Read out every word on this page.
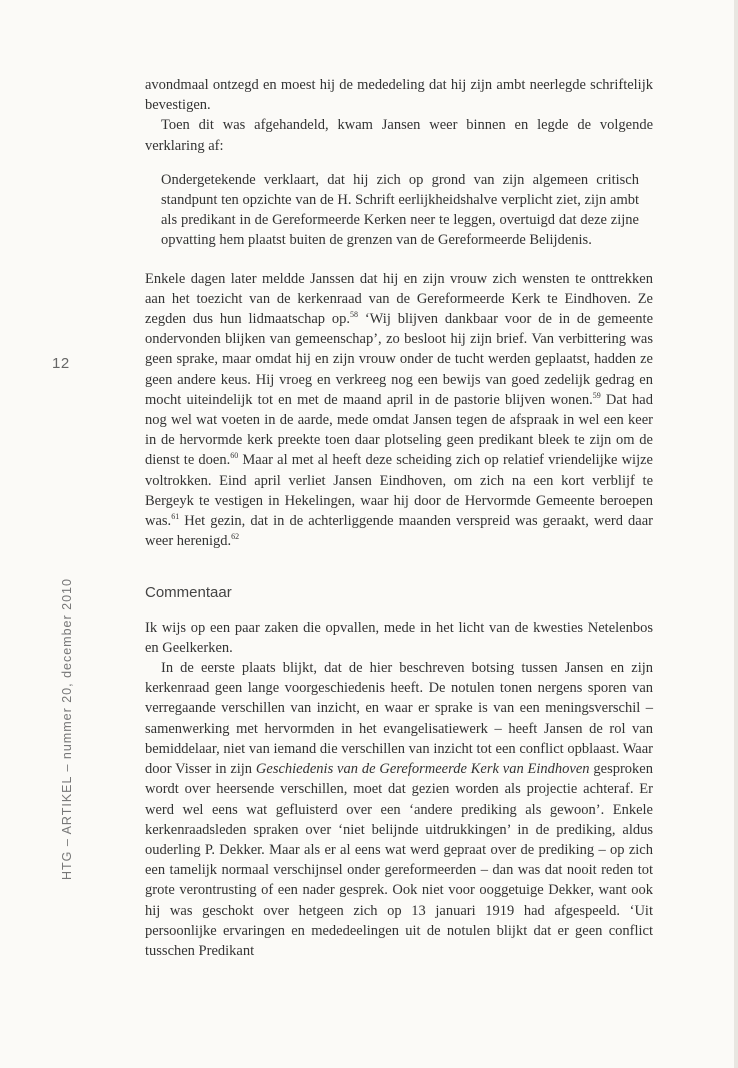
12
HTG – ARTIKEL – nummer 20, december 2010

avondmaal ontzegd en moest hij de mededeling dat hij zijn ambt neerlegde schriftelijk bevestigen.

Toen dit was afgehandeld, kwam Jansen weer binnen en legde de volgende verklaring af:

Ondergetekende verklaart, dat hij zich op grond van zijn algemeen critisch standpunt ten opzichte van de H. Schrift eerlijkheidshalve verplicht ziet, zijn ambt als predikant in de Gereformeerde Kerken neer te leggen, overtuigd dat deze zijne opvatting hem plaatst buiten de grenzen van de Gereformeerde Belijdenis.

Enkele dagen later meldde Janssen dat hij en zijn vrouw zich wensten te onttrekken aan het toezicht van de kerkenraad van de Gereformeerde Kerk te Eindhoven. Ze zegden dus hun lidmaatschap op.$^{58}$ ‘Wij blijven dankbaar voor de in de gemeente ondervonden blijken van gemeenschap’, zo besloot hij zijn brief. Van verbittering was geen sprake, maar omdat hij en zijn vrouw onder de tucht werden geplaatst, hadden ze geen andere keus. Hij vroeg en verkreeg nog een bewijs van goed zedelijk gedrag en mocht uiteindelijk tot en met de maand april in de pastorie blijven wonen.$^{59}$ Dat had nog wel wat voeten in de aarde, mede omdat Jansen tegen de afspraak in wel een keer in de hervormde kerk preekte toen daar plotseling geen predikant bleek te zijn om de dienst te doen.$^{60}$ Maar al met al heeft deze scheiding zich op relatief vriendelijke wijze voltrokken. Eind april verliet Jansen Eindhoven, om zich na een kort verblijf te Bergeyk te vestigen in Hekelingen, waar hij door de Hervormde Gemeente beroepen was.$^{61}$ Het gezin, dat in de achterliggende maanden verspreid was geraakt, werd daar weer herenigd.$^{62}$

Commentaar

Ik wijs op een paar zaken die opvallen, mede in het licht van de kwesties Netelenbos en Geelkerken.

In de eerste plaats blijkt, dat de hier beschreven botsing tussen Jansen en zijn kerkenraad geen lange voorgeschiedenis heeft. De notulen tonen nergens sporen van verregaande verschillen van inzicht, en waar er sprake is van een meningsverschil – samenwerking met hervormden in het evangelisatiewerk – heeft Jansen de rol van bemiddelaar, niet van iemand die verschillen van inzicht tot een conflict opblaast. Waar door Visser in zijn Geschiedenis van de Gereformeerde Kerk van Eindhoven gesproken wordt over heersende verschillen, moet dat gezien worden als projectie achteraf. Er werd wel eens wat gefluisterd over een ‘andere prediking als gewoon’. Enkele kerkenraadsleden spraken over ‘niet belijnde uitdrukkingen’ in de prediking, aldus ouderling P. Dekker. Maar als er al eens wat werd gepraat over de prediking – op zich een tamelijk normaal verschijnsel onder gereformeerden – dan was dat nooit reden tot grote verontrusting of een nader gesprek. Ook niet voor ooggetuige Dekker, want ook hij was geschokt over hetgeen zich op 13 januari 1919 had afgespeeld. ‘Uit persoonlijke ervaringen en mededeelingen uit de notulen blijkt dat er geen conflict tusschen Predikant
